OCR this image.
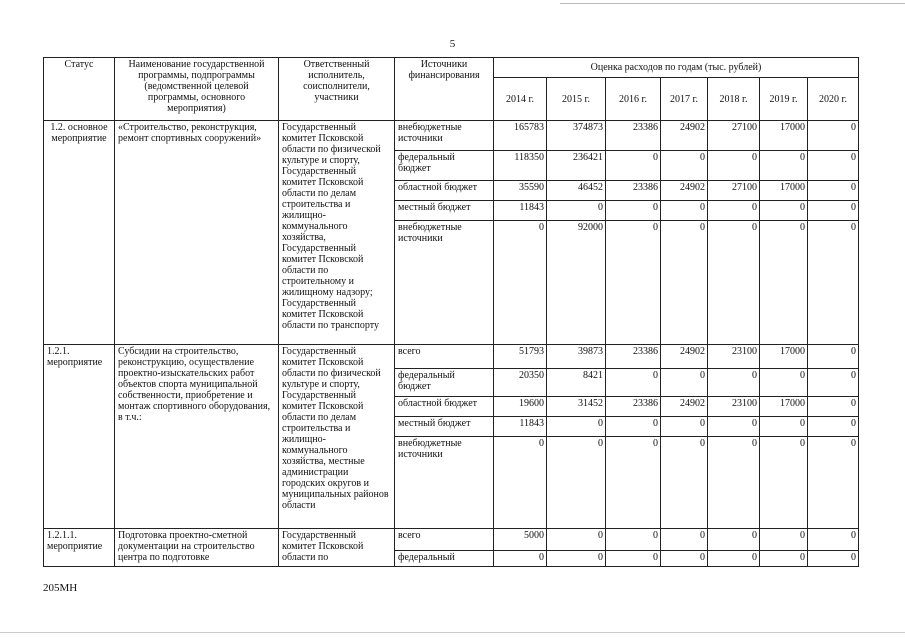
5
Статус	Наименование государственной программы, подпрограммы (ведомственной целевой программы, основного мероприятия)	Ответственный исполнитель, соисполнители, участники	Источники финансирования	Оценка расходов по годам (тыс. рублей)						
				2014 г.	2015 г.	2016 г.	2017 г.	2018 г.	2019 г.	2020 г.
1.2. основное мероприятие	«Строительство, реконструкция, ремонт спортивных сооружений»	Государственный комитет Псковской области по физической культуре и спорту, Государственный комитет Псковской области по делам строительства и жилищно-коммунального хозяйства, Государственный комитет Псковской области по строительному и жилищному надзору; Государственный комитет Псковской области по транспорту	внебюджетные источники	165783	374873	23386	24902	27100	17000	0
			федеральный бюджет	118350	236421	0	0	0	0	0
			областной бюджет	35590	46452	23386	24902	27100	17000	0
			местный бюджет	11843	0	0	0	0	0	0
			внебюджетные источники	0	92000	0	0	0	0	0
1.2.1. мероприятие	Субсидии на строительство, реконструкцию, осуществление проектно-изыскательских работ объектов спорта муниципальной собственности, приобретение и монтаж спортивного оборудования, в т.ч.:	Государственный комитет Псковской области по физической культуре и спорту, Государственный комитет Псковской области по делам строительства и жилищно-коммунального хозяйства, местные администрации городских округов и муниципальных районов области	всего	51793	39873	23386	24902	23100	17000	0
			федеральный бюджет	20350	8421	0	0	0	0	0
			областной бюджет	19600	31452	23386	24902	23100	17000	0
			местный бюджет	11843	0	0	0	0	0	0
			внебюджетные источники	0	0	0	0	0	0	0
1.2.1.1. мероприятие	Подготовка проектно-сметной документации на строительство центра по подготовке	Государственный комитет Псковской области по	всего	5000	0	0	0	0	0	0
			федеральный	0	0	0	0	0	0	0
205МН
